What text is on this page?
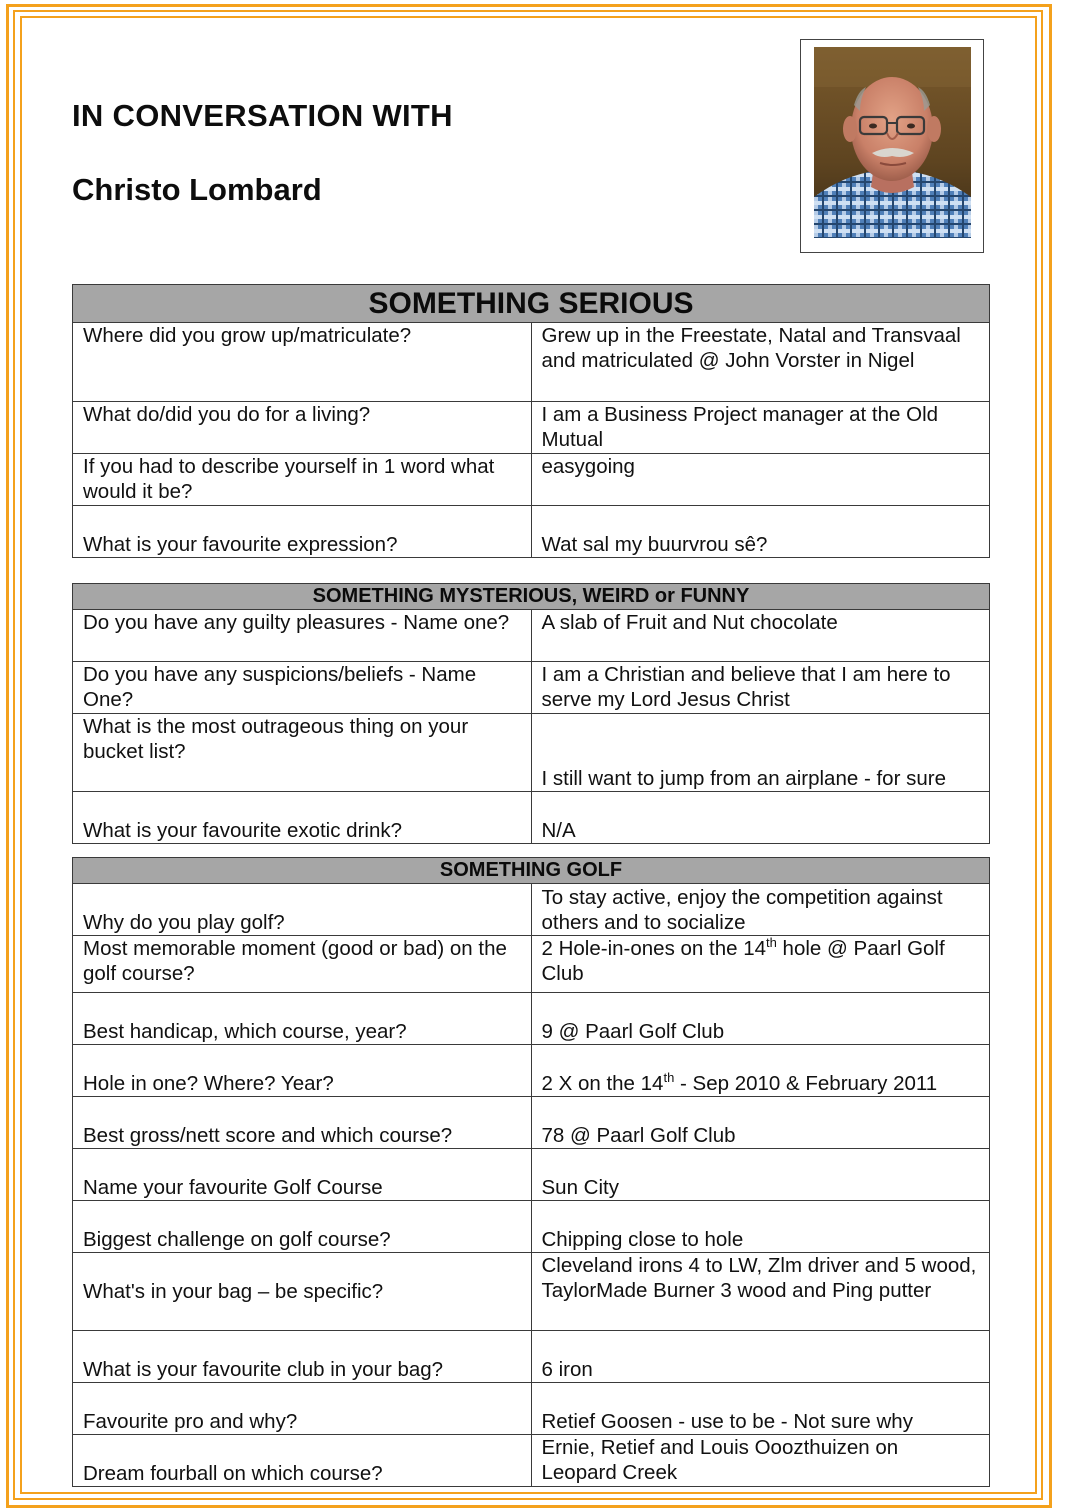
IN CONVERSATION WITH
Christo Lombard
SOMETHING SERIOUS	
Where did you grow up/matriculate?	Grew up in the Freestate, Natal and Transvaal and matriculated @ John Vorster in Nigel
What do/did you do for a living?	I am a Business Project manager at the Old Mutual
If you had to describe yourself in 1 word what would it be?	easygoing
What is your favourite expression?	Wat sal my buurvrou sê?
SOMETHING MYSTERIOUS, WEIRD or FUNNY	
Do you have any guilty pleasures - Name one?	A slab of Fruit and Nut chocolate
Do you have any suspicions/beliefs - Name One?	I am a Christian and believe that I am here to serve my Lord Jesus Christ
What is the most outrageous thing on your bucket list?	I still want to jump from an airplane - for sure
What is your favourite exotic drink?	N/A
SOMETHING GOLF	
Why do you play golf?	To stay active, enjoy the competition against others and to socialize
Most memorable moment (good or bad) on the golf course?	2 Hole-in-ones on the 14th hole @ Paarl Golf Club
Best handicap, which course, year?	9 @ Paarl Golf Club
Hole in one? Where? Year?	2 X on the 14th - Sep 2010 & February 2011
Best gross/nett score and which course?	78 @ Paarl Golf Club
Name your favourite Golf Course	Sun City
Biggest challenge on golf course?	Chipping close to hole
What's in your bag – be specific?	Cleveland irons 4 to LW, Zlm driver and 5 wood, TaylorMade Burner 3 wood and Ping putter
What is your favourite club in your bag?	6 iron
Favourite pro and why?	Retief Goosen - use to be - Not sure why
Dream fourball on which course?	Ernie, Retief and Louis Ooozthuizen on Leopard Creek
